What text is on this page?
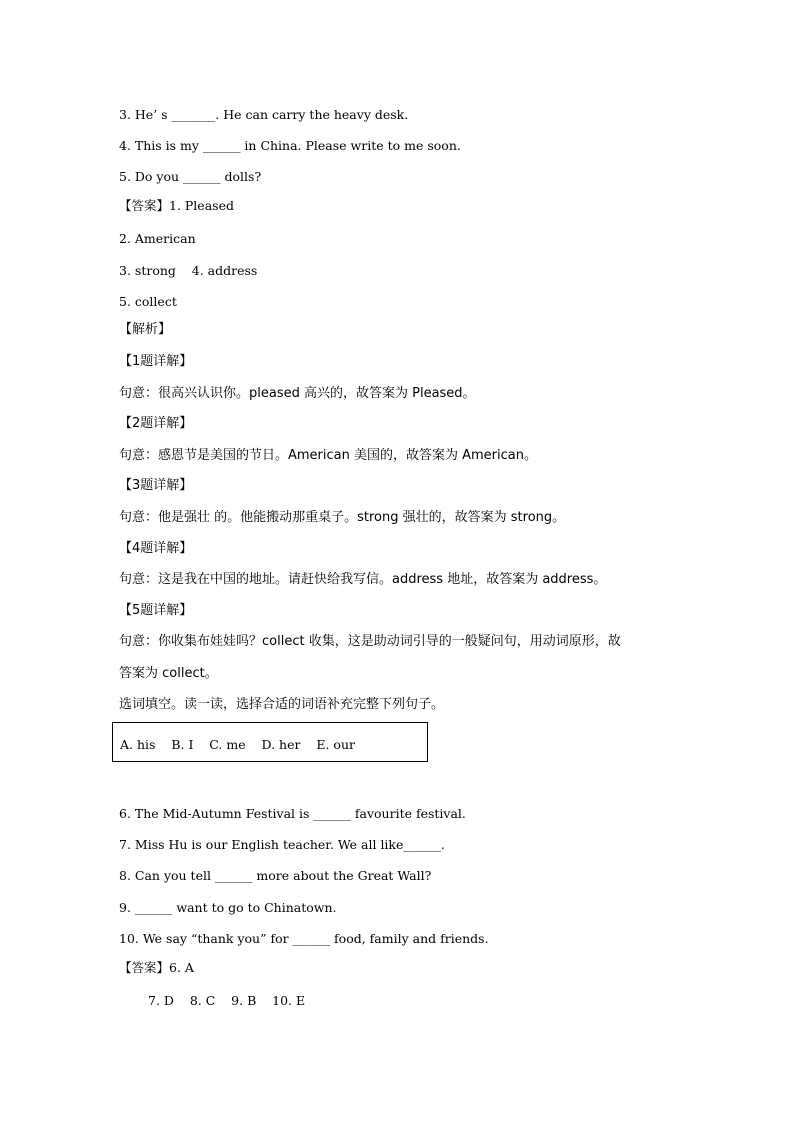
3. He’ s _______. He can carry the heavy desk.
4. This is my ______ in China. Please write to me soon.
5. Do you ______ dolls?
【答案】1. Pleased
2. American
3. strong    4. address
5. collect
【解析】
【1题详解】
句意：很高兴认识你。pleased 高兴的，故答案为 Pleased。
【2题详解】
句意：感恩节是美国的节日。American 美国的，故答案为 American。
【3题详解】
句意：他是强壮 的。他能搬动那重桌子。strong 强壮的，故答案为 strong。
【4题详解】
句意：这是我在中国的地址。请赶快给我写信。address 地址，故答案为 address。
【5题详解】
句意：你收集布娃娃吗？collect 收集，这是助动词引导的一般疑问句，用动词原形，故
答案为 collect。
选词填空。读一读，选择合适的词语补充完整下列句子。
A. his    B. I    C. me    D. her    E. our
6. The Mid-Autumn Festival is ______ favourite festival.
7. Miss Hu is our English teacher. We all like______.
8. Can you tell ______ more about the Great Wall?
9. ______ want to go to Chinatown.
10. We say “thank you” for ______ food, family and friends.
【答案】6. A
7. D    8. C    9. B    10. E
